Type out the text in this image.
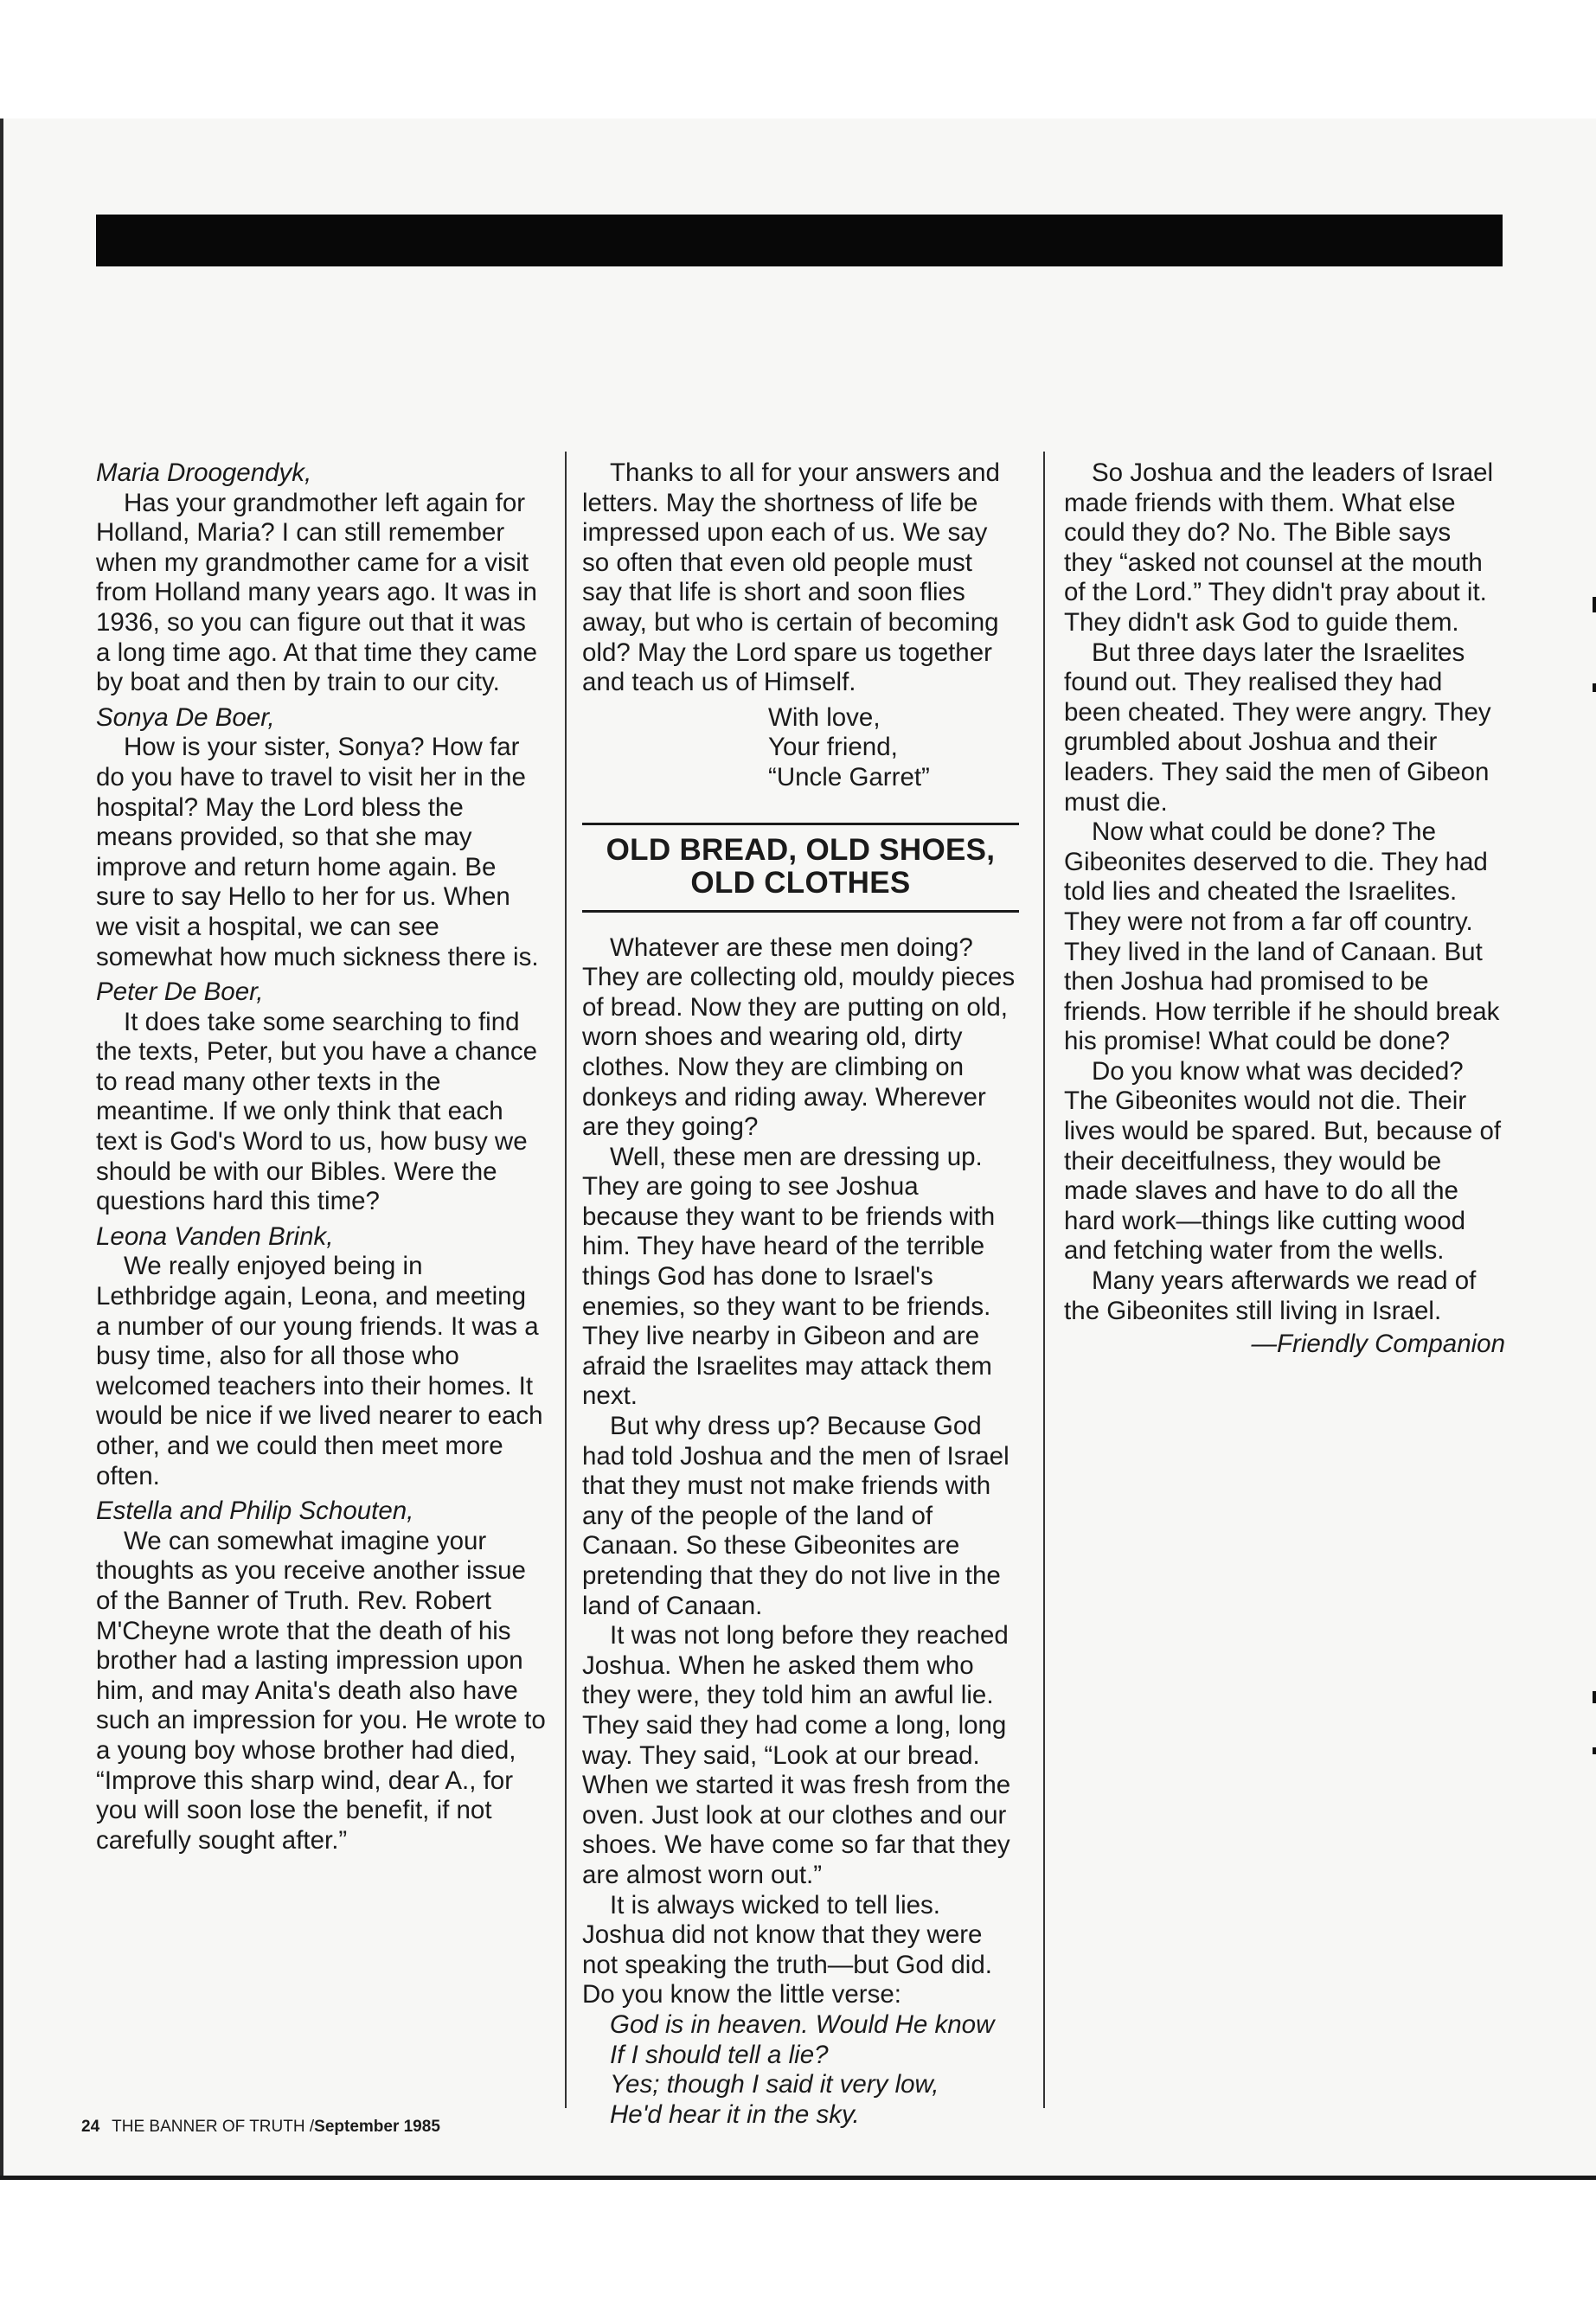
Maria Droogendyk,

Has your grandmother left again for Holland, Maria? I can still remember when my grandmother came for a visit from Holland many years ago. It was in 1936, so you can figure out that it was a long time ago. At that time they came by boat and then by train to our city.

Sonya De Boer,

How is your sister, Sonya? How far do you have to travel to visit her in the hospital? May the Lord bless the means provided, so that she may improve and return home again. Be sure to say Hello to her for us. When we visit a hospital, we can see somewhat how much sickness there is.

Peter De Boer,

It does take some searching to find the texts, Peter, but you have a chance to read many other texts in the meantime. If we only think that each text is God's Word to us, how busy we should be with our Bibles. Were the questions hard this time?

Leona Vanden Brink,

We really enjoyed being in Lethbridge again, Leona, and meeting a number of our young friends. It was a busy time, also for all those who welcomed teachers into their homes. It would be nice if we lived nearer to each other, and we could then meet more often.

Estella and Philip Schouten,

We can somewhat imagine your thoughts as you receive another issue of the Banner of Truth. Rev. Robert M'Cheyne wrote that the death of his brother had a lasting impression upon him, and may Anita's death also have such an impression for you. He wrote to a young boy whose brother had died, “Improve this sharp wind, dear A., for you will soon lose the benefit, if not carefully sought after.”

Thanks to all for your answers and letters. May the shortness of life be impressed upon each of us. We say so often that even old people must say that life is short and soon flies away, but who is certain of becoming old? May the Lord spare us together and teach us of Himself.

With love,

Your friend,

“Uncle Garret”

OLD BREAD, OLD SHOES,
OLD CLOTHES

Whatever are these men doing? They are collecting old, mouldy pieces of bread. Now they are putting on old, worn shoes and wearing old, dirty clothes. Now they are climbing on donkeys and riding away. Wherever are they going?

Well, these men are dressing up. They are going to see Joshua because they want to be friends with him. They have heard of the terrible things God has done to Israel's enemies, so they want to be friends. They live nearby in Gibeon and are afraid the Israelites may attack them next.

But why dress up? Because God had told Joshua and the men of Israel that they must not make friends with any of the people of the land of Canaan. So these Gibeonites are pretending that they do not live in the land of Canaan.

It was not long before they reached Joshua. When he asked them who they were, they told him an awful lie. They said they had come a long, long way. They said, “Look at our bread. When we started it was fresh from the oven. Just look at our clothes and our shoes. We have come so far that they are almost worn out.”

It is always wicked to tell lies. Joshua did not know that they were not speaking the truth—but God did. Do you know the little verse:

God is in heaven. Would He know

If I should tell a lie?

Yes; though I said it very low,

He'd hear it in the sky.

So Joshua and the leaders of Israel made friends with them. What else could they do? No. The Bible says they “asked not counsel at the mouth of the Lord.” They didn't pray about it. They didn't ask God to guide them.

But three days later the Israelites found out. They realised they had been cheated. They were angry. They grumbled about Joshua and their leaders. They said the men of Gibeon must die.

Now what could be done? The Gibeonites deserved to die. They had told lies and cheated the Israelites. They were not from a far off country. They lived in the land of Canaan. But then Joshua had promised to be friends. How terrible if he should break his promise! What could be done?

Do you know what was decided? The Gibeonites would not die. Their lives would be spared. But, because of their deceitfulness, they would be made slaves and have to do all the hard work—things like cutting wood and fetching water from the wells.

Many years afterwards we read of the Gibeonites still living in Israel.

—Friendly Companion

24 THE BANNER OF TRUTH /September 1985
